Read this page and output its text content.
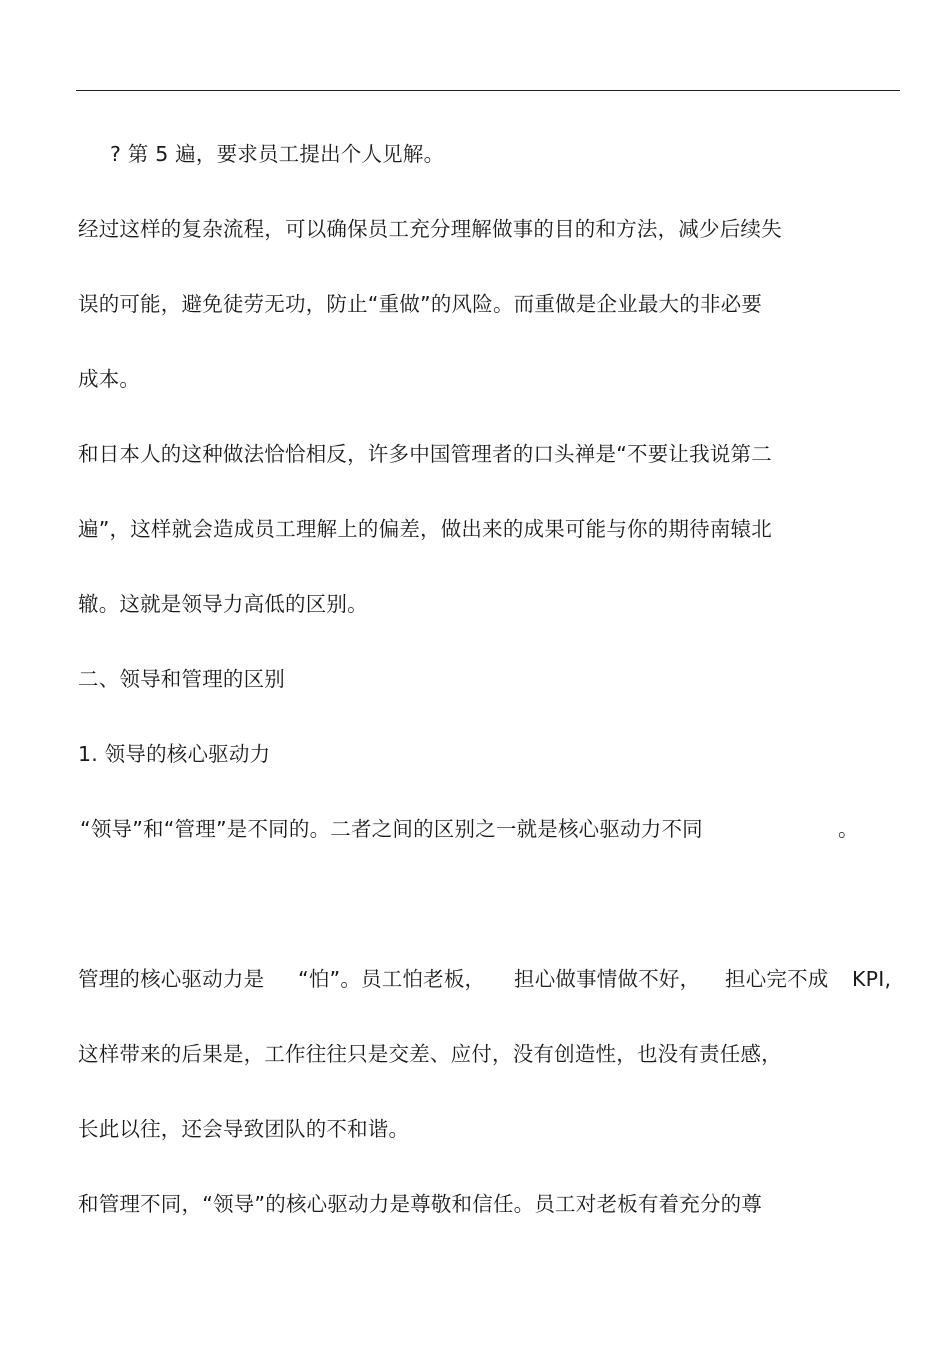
? 第 5 遍，要求员工提出个人见解。
经过这样的复杂流程，可以确保员工充分理解做事的目的和方法，减少后续失
误的可能，避免徒劳无功，防止“重做”的风险。而重做是企业最大的非必要
成本。
和日本人的这种做法恰恰相反，许多中国管理者的口头禅是“不要让我说第二
遍”，这样就会造成员工理解上的偏差，做出来的成果可能与你的期待南辕北
辙。这就是领导力高低的区别。
二、领导和管理的区别
1. 领导的核心驱动力
“领导”和“管理”是不同的。二者之间的区别之一就是核心驱动力不同	。
管理的核心驱动力是 “怕”。员工怕老板， 担心做事情做不好， 担心完不成 KPI,
这样带来的后果是，工作往往只是交差、应付，没有创造性，也没有责任感，
长此以往，还会导致团队的不和谐。
和管理不同，“领导”的核心驱动力是尊敬和信任。员工对老板有着充分的尊
